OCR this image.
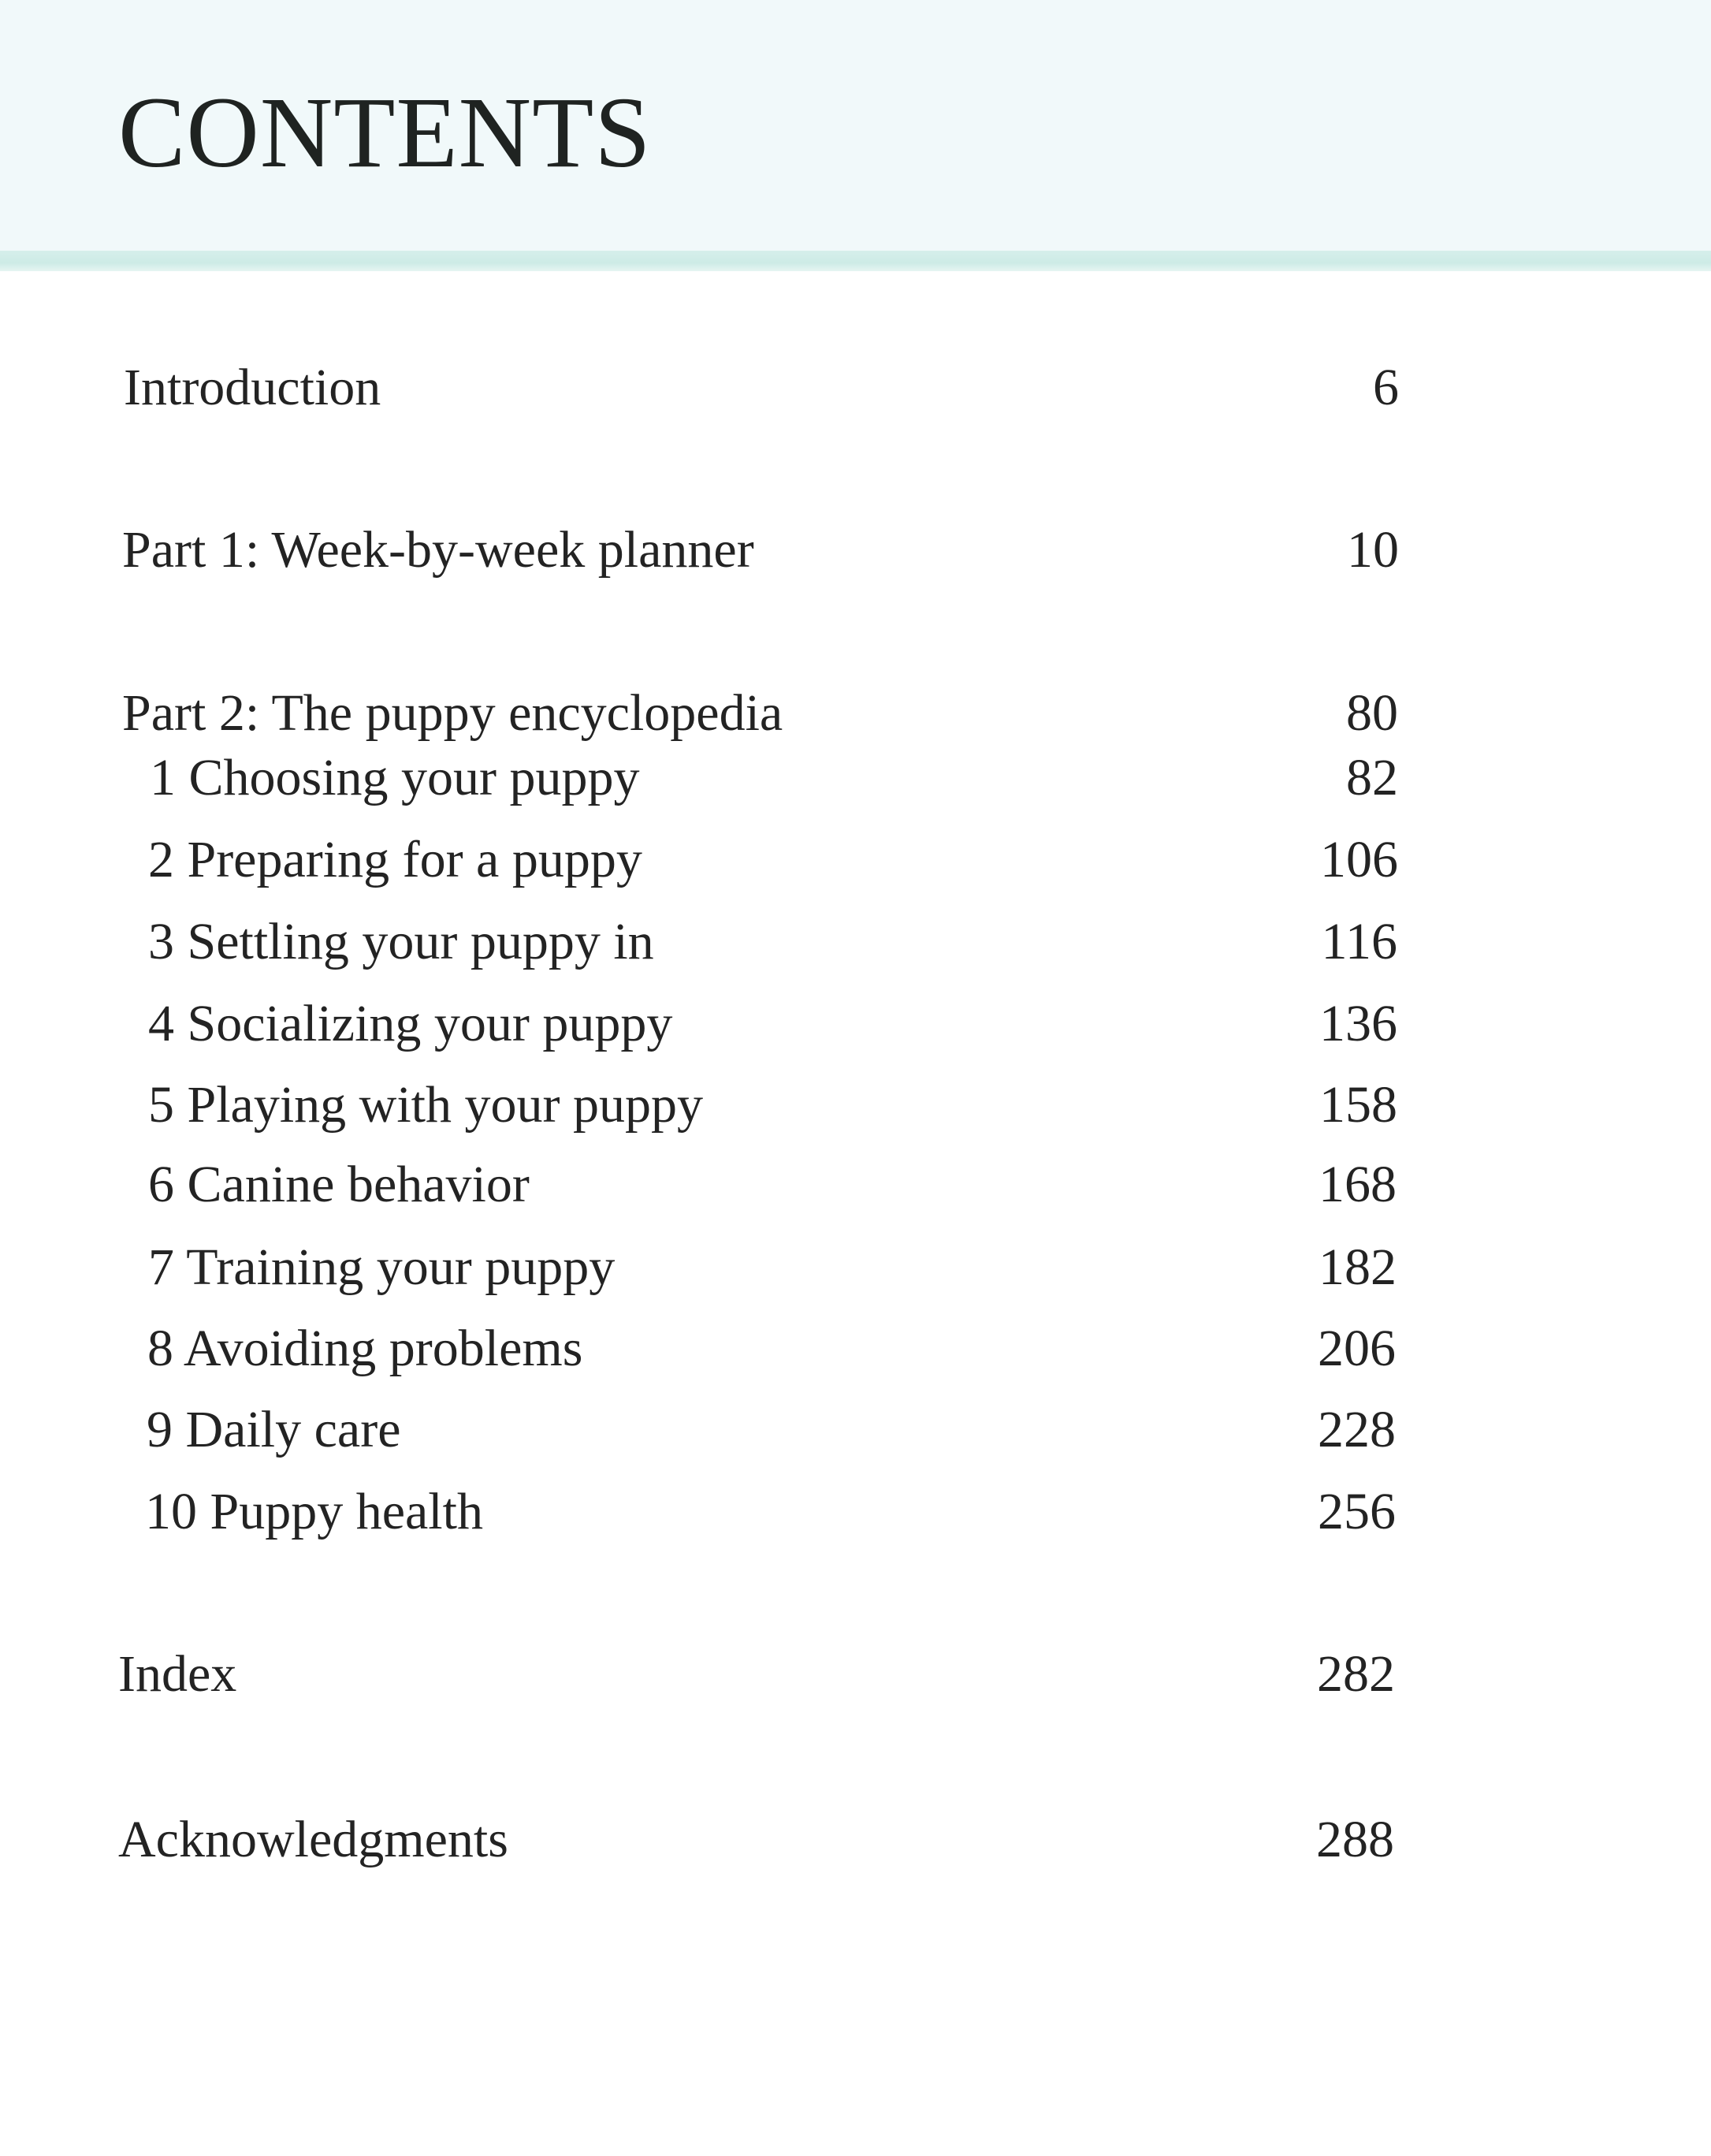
CONTENTS
Introduction	6
Part 1: Week-by-week planner	10
Part 2: The puppy encyclopedia	80
1 Choosing your puppy	82
2 Preparing for a puppy	106
3 Settling your puppy in	116
4 Socializing your puppy	136
5 Playing with your puppy	158
6 Canine behavior	168
7 Training your puppy	182
8 Avoiding problems	206
9 Daily care	228
10 Puppy health	256
Index	282
Acknowledgments	288
